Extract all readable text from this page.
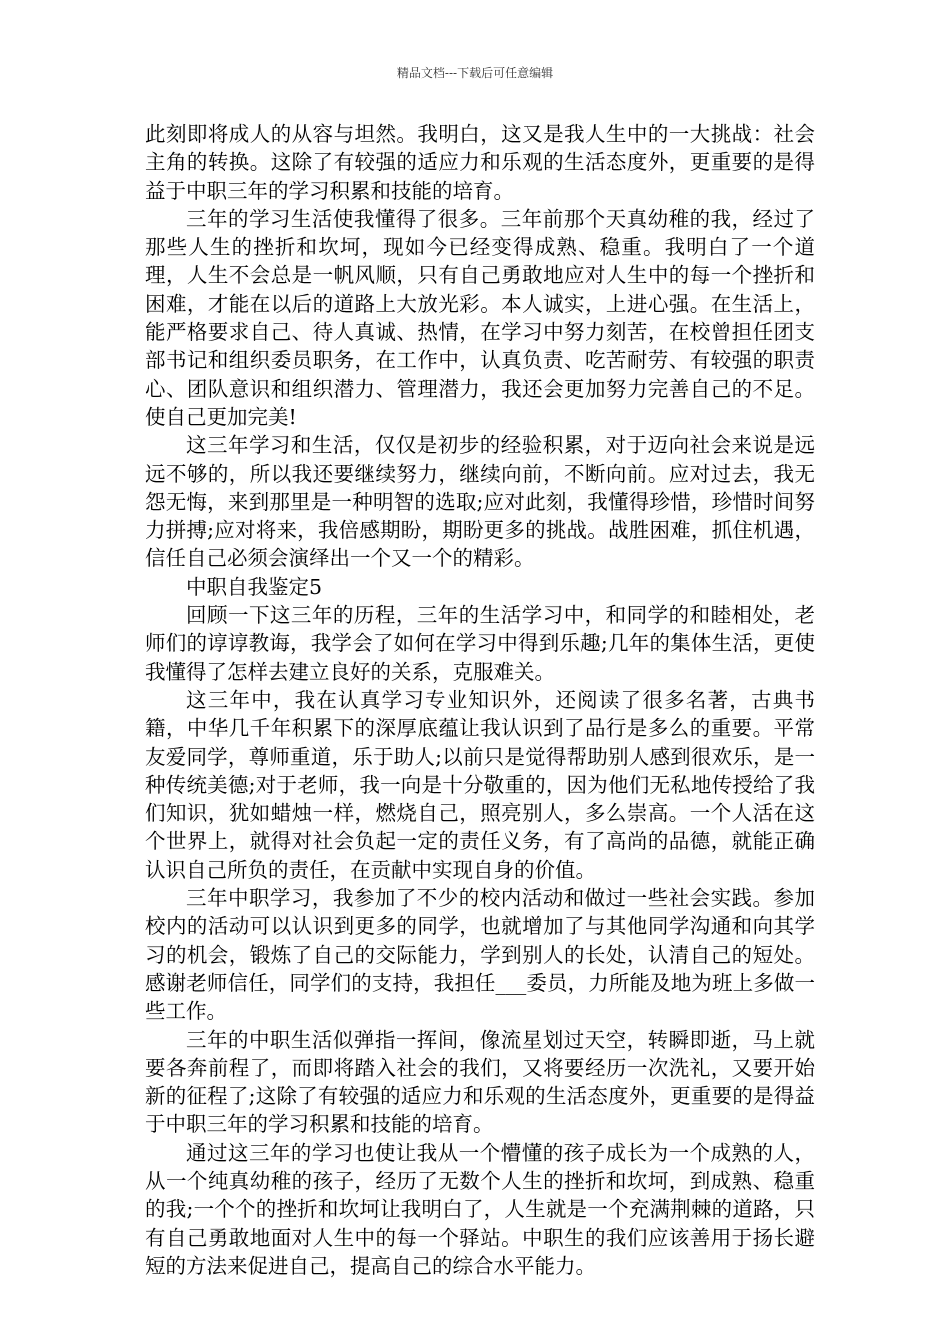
精品文档---下载后可任意编辑

此刻即将成人的从容与坦然。我明白，这又是我人生中的一大挑战：社会主角的转换。这除了有较强的适应力和乐观的生活态度外，更重要的是得益于中职三年的学习积累和技能的培育。

三年的学习生活使我懂得了很多。三年前那个天真幼稚的我，经过了那些人生的挫折和坎坷，现如今已经变得成熟、稳重。我明白了一个道理，人生不会总是一帆风顺，只有自己勇敢地应对人生中的每一个挫折和困难，才能在以后的道路上大放光彩。本人诚实，上进心强。在生活上，能严格要求自己、待人真诚、热情，在学习中努力刻苦，在校曾担任团支部书记和组织委员职务，在工作中，认真负责、吃苦耐劳、有较强的职责心、团队意识和组织潜力、管理潜力，我还会更加努力完善自己的不足。使自己更加完美!

这三年学习和生活，仅仅是初步的经验积累，对于迈向社会来说是远远不够的，所以我还要继续努力，继续向前，不断向前。应对过去，我无怨无悔，来到那里是一种明智的选取;应对此刻，我懂得珍惜，珍惜时间努力拼搏;应对将来，我倍感期盼，期盼更多的挑战。战胜困难，抓住机遇，信任自己必须会演绎出一个又一个的精彩。

中职自我鉴定5

回顾一下这三年的历程，三年的生活学习中，和同学的和睦相处，老师们的谆谆教诲，我学会了如何在学习中得到乐趣;几年的集体生活，更使我懂得了怎样去建立良好的关系，克服难关。

这三年中，我在认真学习专业知识外，还阅读了很多名著，古典书籍，中华几千年积累下的深厚底蕴让我认识到了品行是多么的重要。平常友爱同学，尊师重道，乐于助人;以前只是觉得帮助别人感到很欢乐，是一种传统美德;对于老师，我一向是十分敬重的，因为他们无私地传授给了我们知识，犹如蜡烛一样，燃烧自己，照亮别人，多么崇高。一个人活在这个世界上，就得对社会负起一定的责任义务，有了高尚的品德，就能正确认识自己所负的责任，在贡献中实现自身的价值。

三年中职学习，我参加了不少的校内活动和做过一些社会实践。参加校内的活动可以认识到更多的同学，也就增加了与其他同学沟通和向其学习的机会，锻炼了自己的交际能力，学到别人的长处，认清自己的短处。感谢老师信任，同学们的支持，我担任___委员，力所能及地为班上多做一些工作。

三年的中职生活似弹指一挥间，像流星划过天空，转瞬即逝，马上就要各奔前程了，而即将踏入社会的我们，又将要经历一次洗礼，又要开始新的征程了;这除了有较强的适应力和乐观的生活态度外，更重要的是得益于中职三年的学习积累和技能的培育。

通过这三年的学习也使让我从一个懵懂的孩子成长为一个成熟的人，从一个纯真幼稚的孩子，经历了无数个人生的挫折和坎坷，到成熟、稳重的我;一个个的挫折和坎坷让我明白了，人生就是一个充满荆棘的道路，只有自己勇敢地面对人生中的每一个驿站。中职生的我们应该善用于扬长避短的方法来促进自己，提高自己的综合水平能力。
